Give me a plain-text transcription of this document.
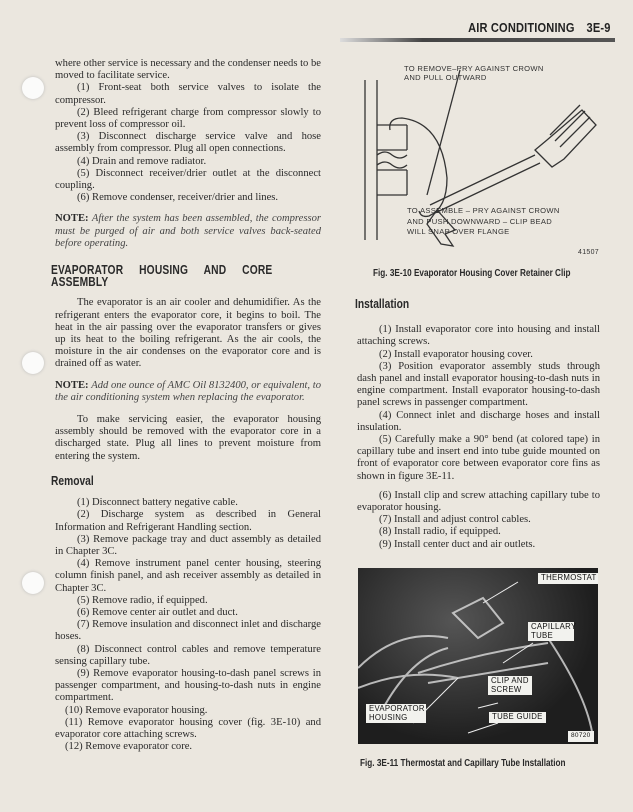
AIR CONDITIONING 3E-9

where other service is necessary and the condenser needs to be moved to facilitate service.

(1) Front-seat both service valves to isolate the compressor.

(2) Bleed refrigerant charge from compressor slowly to prevent loss of compressor oil.

(3) Disconnect discharge service valve and hose assembly from compressor. Plug all open connections.

(4) Drain and remove radiator.

(5) Disconnect receiver/drier outlet at the disconnect coupling.

(6) Remove condenser, receiver/drier and lines.

NOTE: After the system has been assembled, the compressor must be purged of air and both service valves back-seated before operating.

EVAPORATOR HOUSING AND CORE ASSEMBLY

The evaporator is an air cooler and dehumidifier. As the refrigerant enters the evaporator core, it begins to boil. The heat in the air passing over the evaporator transfers or gives up its heat to the boiling refrigerant. As the air cools, the moisture in the air condenses on the evaporator core and is drained off as water.

NOTE: Add one ounce of AMC Oil 8132400, or equivalent, to the air conditioning system when replacing the evaporator.

To make servicing easier, the evaporator housing assembly should be removed with the evaporator core in a discharged state. Plug all lines to prevent moisture from entering the system.

Removal

(1) Disconnect battery negative cable.

(2) Discharge system as described in General Information and Refrigerant Handling section.

(3) Remove package tray and duct assembly as detailed in Chapter 3C.

(4) Remove instrument panel center housing, steering column finish panel, and ash receiver assembly as detailed in Chapter 3C.

(5) Remove radio, if equipped.

(6) Remove center air outlet and duct.

(7) Remove insulation and disconnect inlet and discharge hoses.

(8) Disconnect control cables and remove temperature sensing capillary tube.

(9) Remove evaporator housing-to-dash panel screws in passenger compartment, and housing-to-dash nuts in engine compartment.

(10) Remove evaporator housing.

(11) Remove evaporator housing cover (fig. 3E-10) and evaporator core attaching screws.

(12) Remove evaporator core.

TO REMOVE–PRY AGAINST CROWN AND PULL OUTWARD
TO ASSEMBLE – PRY AGAINST CROWN AND PUSH DOWNWARD – CLIP BEAD WILL SNAP OVER FLANGE
41507
Fig. 3E-10 Evaporator Housing Cover Retainer Clip
Installation

(1) Install evaporator core into housing and install attaching screws.

(2) Install evaporator housing cover.

(3) Position evaporator assembly studs through dash panel and install evaporator housing-to-dash nuts in engine compartment. Install evaporator housing-to-dash panel screws in passenger compartment.

(4) Connect inlet and discharge hoses and install insulation.

(5) Carefully make a 90° bend (at colored tape) in capillary tube and insert end into tube guide mounted on front of evaporator core between evaporator core fins as shown in figure 3E-11.

(6) Install clip and screw attaching capillary tube to evaporator housing.

(7) Install and adjust control cables.

(8) Install radio, if equipped.

(9) Install center duct and air outlets.

THERMOSTAT
CAPILLARY TUBE
CLIP AND SCREW
EVAPORATOR HOUSING	TUBE GUIDE
80720
Fig. 3E-11 Thermostat and Capillary Tube Installation
